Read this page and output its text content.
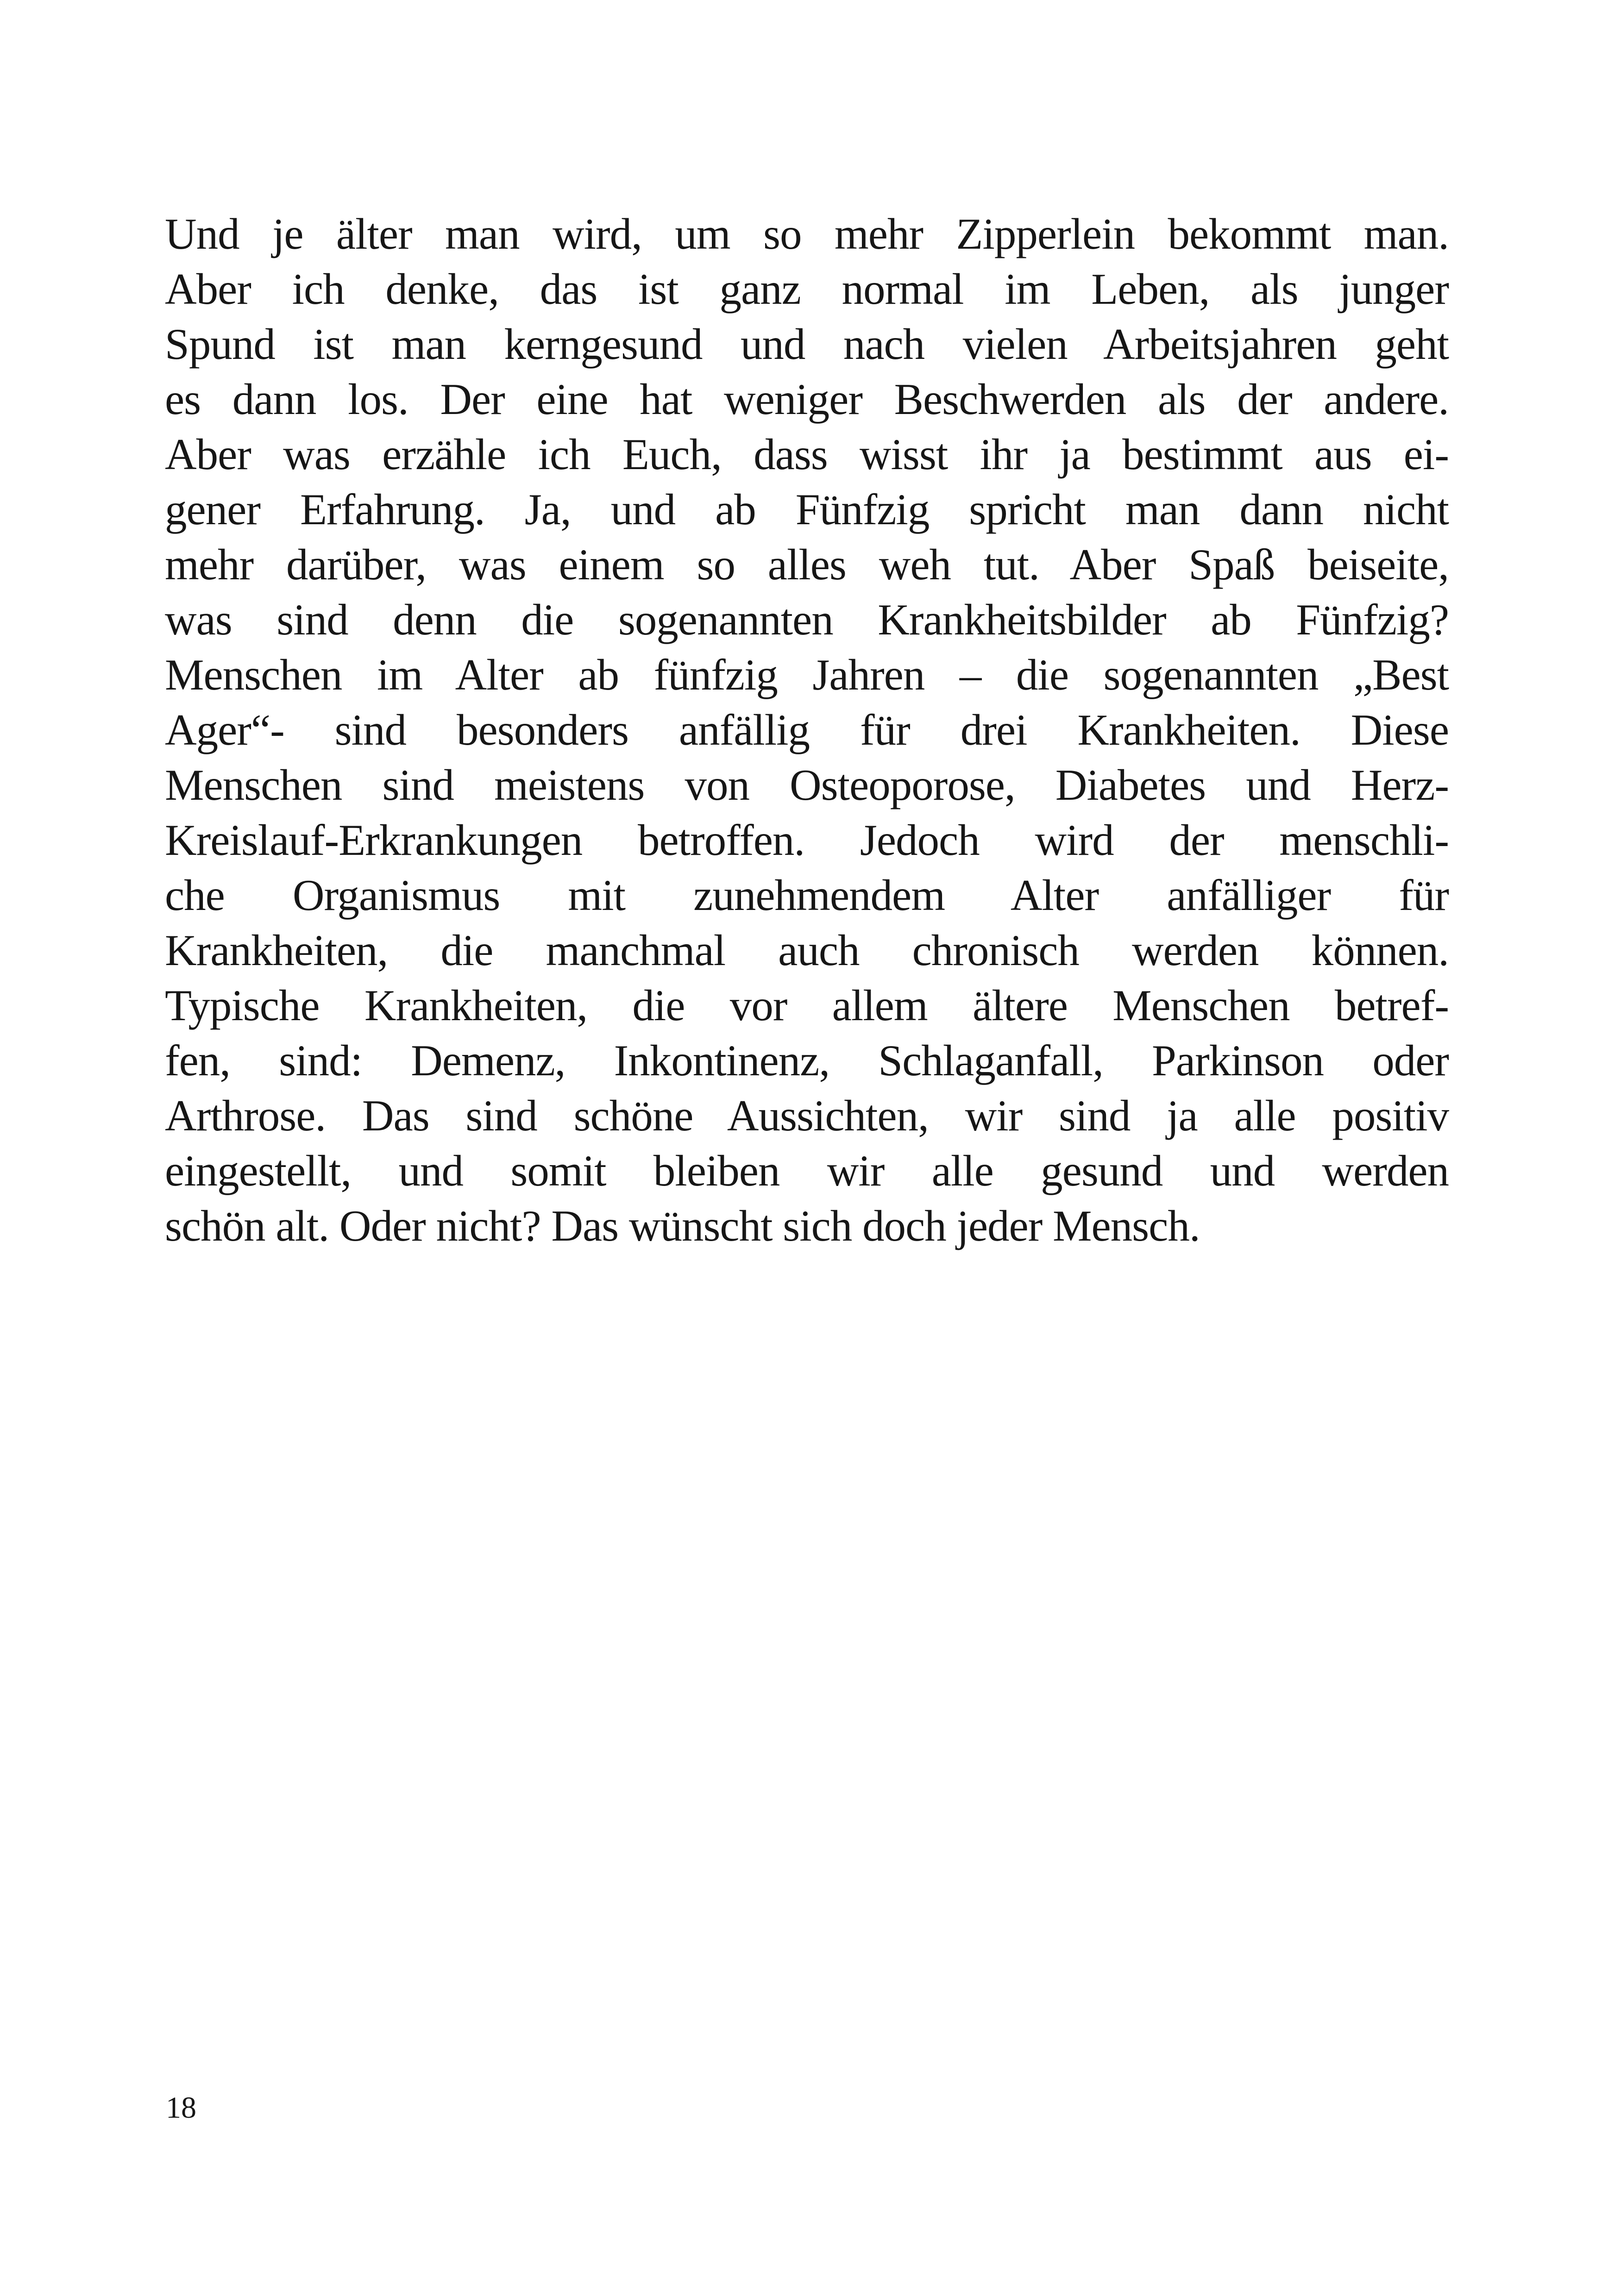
Und je älter man wird, um so mehr Zipperlein bekommt man.
Aber ich denke, das ist ganz normal im Leben, als junger
Spund ist man kerngesund und nach vielen Arbeitsjahren geht
es dann los. Der eine hat weniger Beschwerden als der andere.
Aber was erzähle ich Euch, dass wisst ihr ja bestimmt aus ei-
gener Erfahrung. Ja, und ab Fünfzig spricht man dann nicht
mehr darüber, was einem so alles weh tut. Aber Spaß beiseite,
was sind denn die sogenannten Krankheitsbilder ab Fünfzig?
Menschen im Alter ab fünfzig Jahren – die sogenannten „Best
Ager“- sind besonders anfällig für drei Krankheiten. Diese
Menschen sind meistens von Osteoporose, Diabetes und Herz-
Kreislauf-Erkrankungen betroffen. Jedoch wird der menschli-
che Organismus mit zunehmendem Alter anfälliger für
Krankheiten, die manchmal auch chronisch werden können.
Typische Krankheiten, die vor allem ältere Menschen betref-
fen, sind: Demenz, Inkontinenz, Schlaganfall, Parkinson oder
Arthrose. Das sind schöne Aussichten, wir sind ja alle positiv
eingestellt, und somit bleiben wir alle gesund und werden
schön alt. Oder nicht? Das wünscht sich doch jeder Mensch.
18
